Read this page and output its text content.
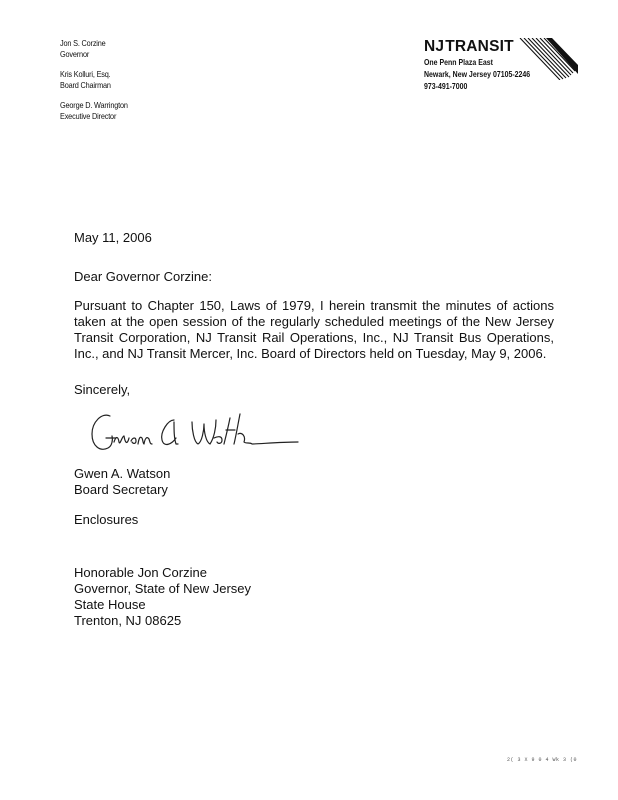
Jon S. Corzine
Governor
Kris Kolluri, Esq.
Board Chairman
George D. Warrington
Executive Director
NJTRANSIT
One Penn Plaza East
Newark, New Jersey 07105-2246
973-491-7000
May 11, 2006
Dear Governor Corzine:
Pursuant to Chapter 150, Laws of 1979, I herein transmit the minutes of actions taken at the open session of the regularly scheduled meetings of the New Jersey Transit Corporation, NJ Transit Rail Operations, Inc., NJ Transit Bus Operations, Inc., and NJ Transit Mercer, Inc. Board of Directors held on Tuesday, May 9, 2006.
Sincerely,
Gwen A. Watson
Board Secretary
Enclosures
Honorable Jon Corzine
Governor, State of New Jersey
State House
Trenton, NJ 08625
2( 3 X 9 0 4 Wk 3 (0
